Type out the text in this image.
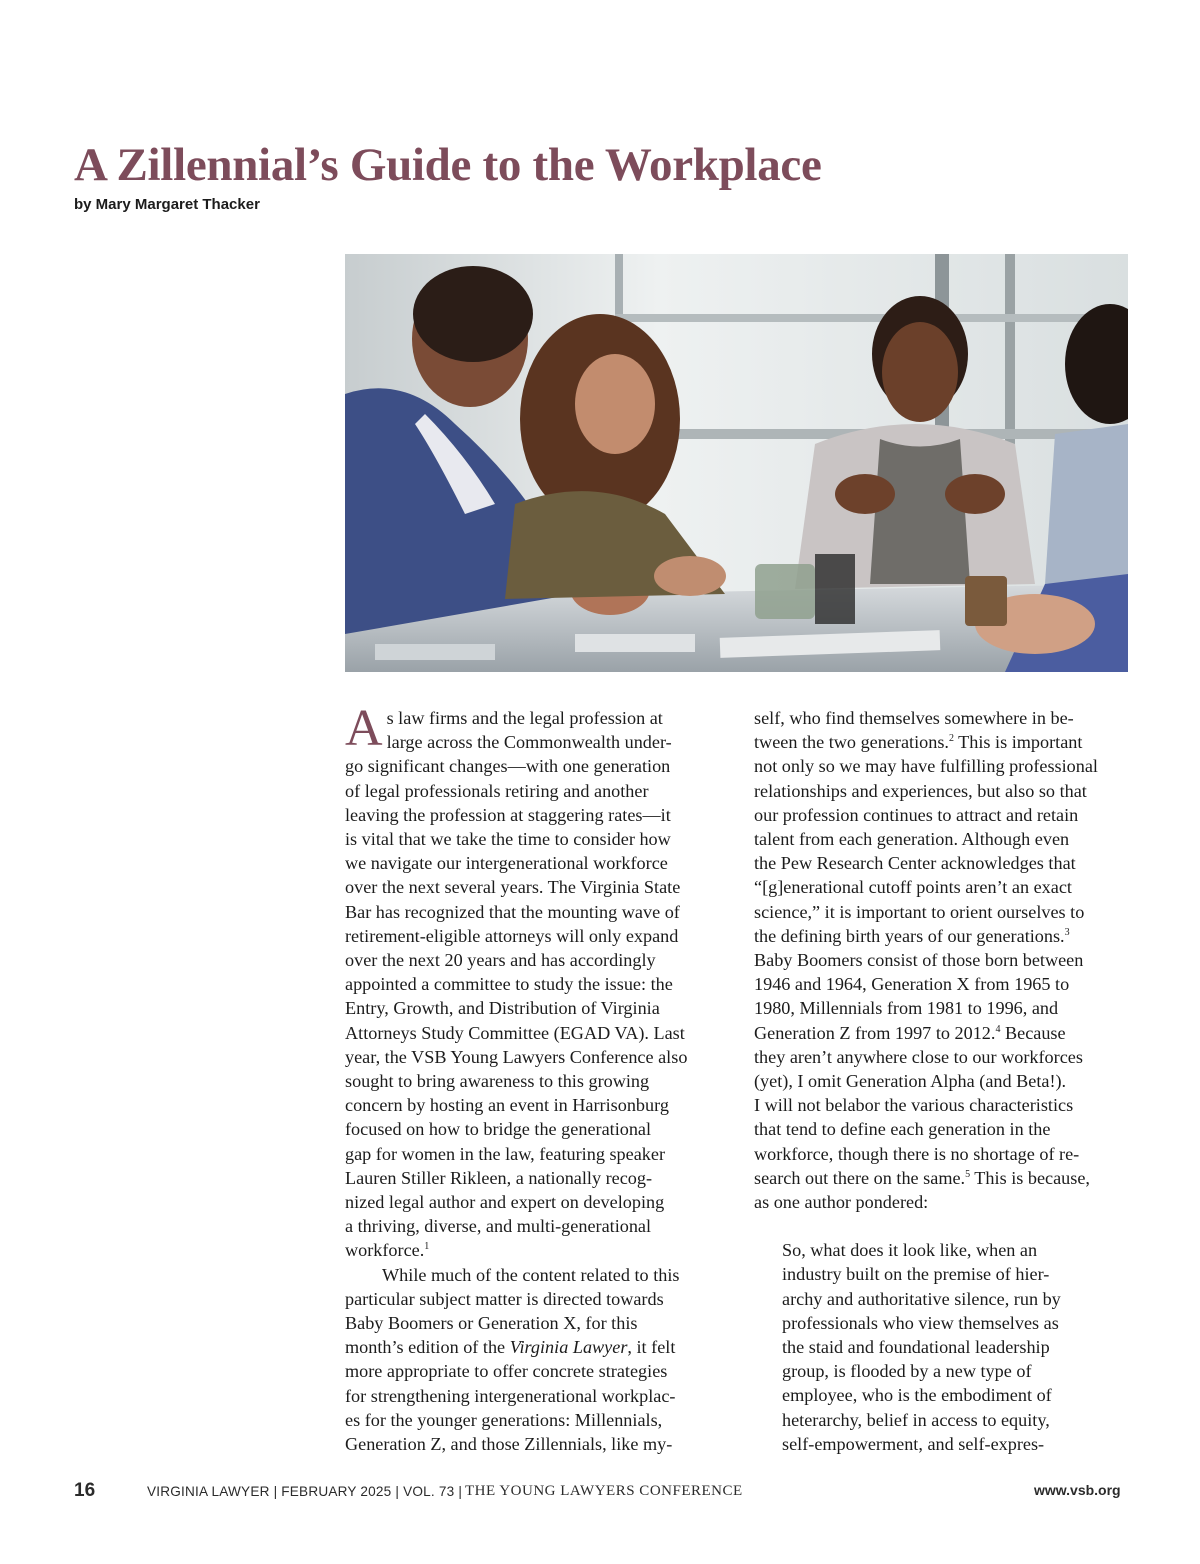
A Zillennial’s Guide to the Workplace
by Mary Margaret Thacker
A s law firms and the legal profession at
large across the Commonwealth under-
go significant changes—with one generation
of legal professionals retiring and another
leaving the profession at staggering rates—it
is vital that we take the time to consider how
we navigate our intergenerational workforce
over the next several years. The Virginia State
Bar has recognized that the mounting wave of
retirement-eligible attorneys will only expand
over the next 20 years and has accordingly
appointed a committee to study the issue: the
Entry, Growth, and Distribution of Virginia
Attorneys Study Committee (EGAD VA). Last
year, the VSB Young Lawyers Conference also
sought to bring awareness to this growing
concern by hosting an event in Harrisonburg
focused on how to bridge the generational
gap for women in the law, featuring speaker
Lauren Stiller Rikleen, a nationally recog-
nized legal author and expert on developing
a thriving, diverse, and multi-generational
workforce.$^1$
While much of the content related to this
particular subject matter is directed towards
Baby Boomers or Generation X, for this
month’s edition of the Virginia Lawyer, it felt
more appropriate to offer concrete strategies
for strengthening intergenerational workplac-
es for the younger generations: Millennials,
Generation Z, and those Zillennials, like my-
self, who find themselves somewhere in be-
tween the two generations.$^2$ This is important
not only so we may have fulfilling professional
relationships and experiences, but also so that
our profession continues to attract and retain
talent from each generation. Although even
the Pew Research Center acknowledges that
“[g]enerational cutoff points aren’t an exact
science,” it is important to orient ourselves to
the defining birth years of our generations.$^3$
Baby Boomers consist of those born between
1946 and 1964, Generation X from 1965 to
1980, Millennials from 1981 to 1996, and
Generation Z from 1997 to 2012.$^4$ Because
they aren’t anywhere close to our workforces
(yet), I omit Generation Alpha (and Beta!).
I will not belabor the various characteristics
that tend to define each generation in the
workforce, though there is no shortage of re-
search out there on the same.$^5$ This is because,
as one author pondered:
So, what does it look like, when an
industry built on the premise of hier-
archy and authoritative silence, run by
professionals who view themselves as
the staid and foundational leadership
group, is flooded by a new type of
employee, who is the embodiment of
heterarchy, belief in access to equity,
self-empowerment, and self-expres-
16	VIRGINIA LAWYER | FEBRUARY 2025 | VOL. 73 | THE YOUNG LAWYERS CONFERENCE	www.vsb.org
